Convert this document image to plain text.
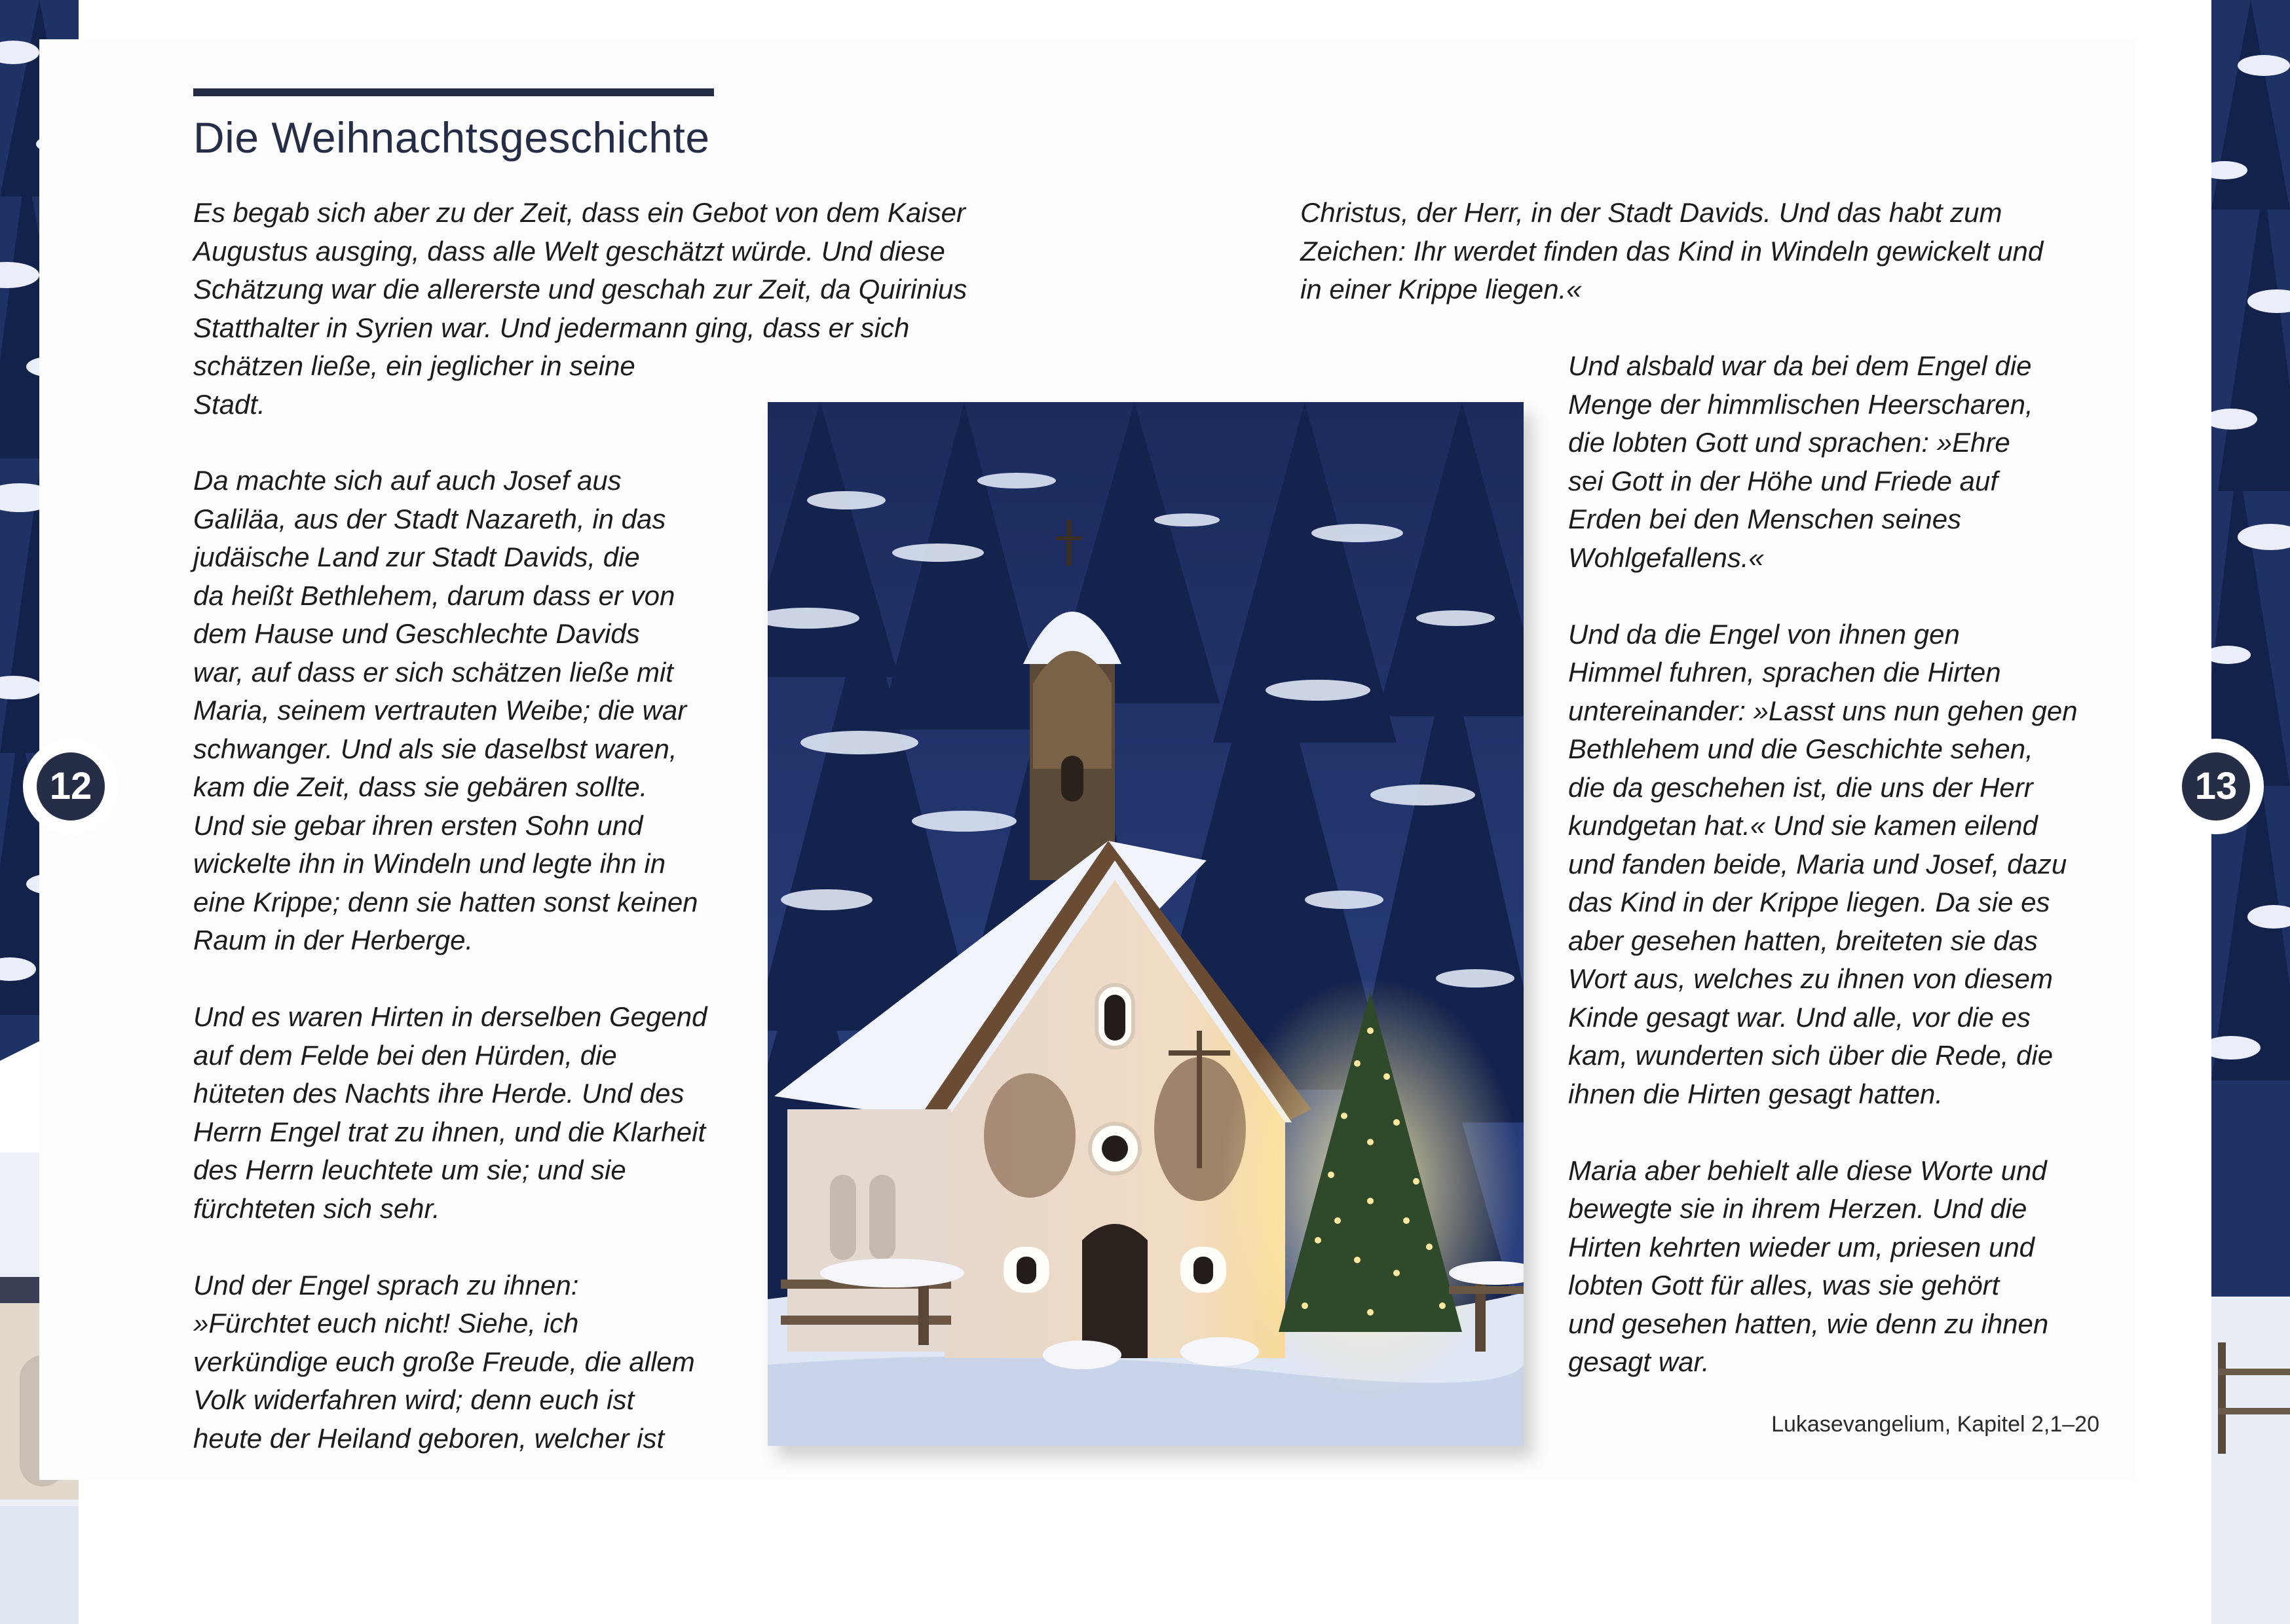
Die Weihnachtsgeschichte
Es begab sich aber zu der Zeit, dass ein Gebot von dem Kaiser
Augustus ausging, dass alle Welt geschätzt würde. Und diese
Schätzung war die allererste und geschah zur Zeit, da Quirinius
Statthalter in Syrien war. Und jedermann ging, dass er sich
schätzen ließe, ein jeglicher in seine
Stadt.
Da machte sich auf auch Josef aus
Galiläa, aus der Stadt Nazareth, in das
judäische Land zur Stadt Davids, die
da heißt Bethlehem, darum dass er von
dem Hause und Geschlechte Davids
war, auf dass er sich schätzen ließe mit
Maria, seinem vertrauten Weibe; die war
schwanger. Und als sie daselbst waren,
kam die Zeit, dass sie gebären sollte.
Und sie gebar ihren ersten Sohn und
wickelte ihn in Windeln und legte ihn in
eine Krippe; denn sie hatten sonst keinen
Raum in der Herberge.
Und es waren Hirten in derselben Gegend
auf dem Felde bei den Hürden, die
hüteten des Nachts ihre Herde. Und des
Herrn Engel trat zu ihnen, und die Klarheit
des Herrn leuchtete um sie; und sie
fürchteten sich sehr.
Und der Engel sprach zu ihnen:
»Fürchtet euch nicht! Siehe, ich
verkündige euch große Freude, die allem
Volk widerfahren wird; denn euch ist
heute der Heiland geboren, welcher ist
Christus, der Herr, in der Stadt Davids. Und das habt zum
Zeichen: Ihr werdet finden das Kind in Windeln gewickelt und
in einer Krippe liegen.«
Und alsbald war da bei dem Engel die
Menge der himmlischen Heerscharen,
die lobten Gott und sprachen: »Ehre
sei Gott in der Höhe und Friede auf
Erden bei den Menschen seines
Wohlgefallens.«
Und da die Engel von ihnen gen
Himmel fuhren, sprachen die Hirten
untereinander: »Lasst uns nun gehen gen
Bethlehem und die Geschichte sehen,
die da geschehen ist, die uns der Herr
kundgetan hat.« Und sie kamen eilend
und fanden beide, Maria und Josef, dazu
das Kind in der Krippe liegen. Da sie es
aber gesehen hatten, breiteten sie das
Wort aus, welches zu ihnen von diesem
Kinde gesagt war. Und alle, vor die es
kam, wunderten sich über die Rede, die
ihnen die Hirten gesagt hatten.
Maria aber behielt alle diese Worte und
bewegte sie in ihrem Herzen. Und die
Hirten kehrten wieder um, priesen und
lobten Gott für alles, was sie gehört
und gesehen hatten, wie denn zu ihnen
gesagt war.

Lukasevangelium, Kapitel 2,1–20

12	13
